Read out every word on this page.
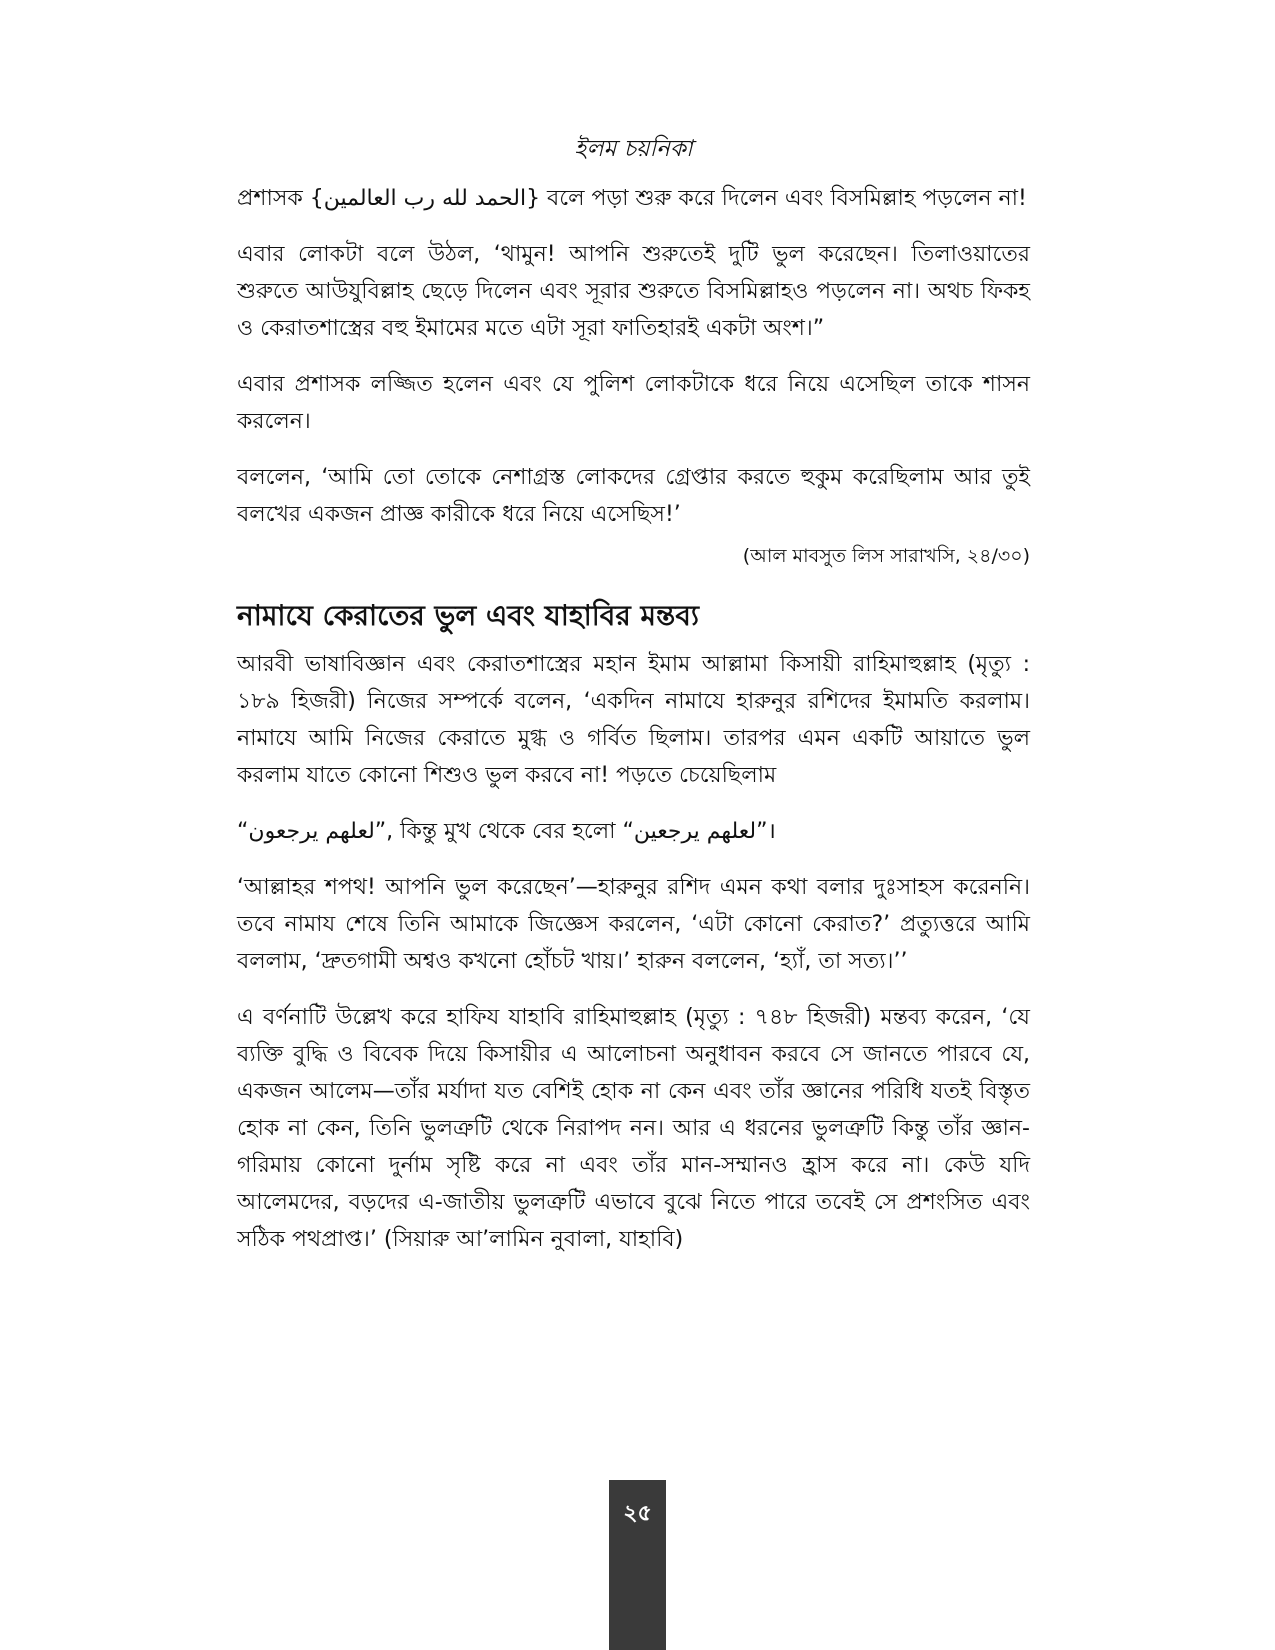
ইলম চয়নিকা

প্রশাসক {الحمد لله رب العالمين} বলে পড়া শুরু করে দিলেন এবং বিসমিল্লাহ পড়লেন না!

এবার লোকটা বলে উঠল, ‘থামুন! আপনি শুরুতেই দুটি ভুল করেছেন। তিলাওয়াতের শুরুতে আউযুবিল্লাহ ছেড়ে দিলেন এবং সূরার শুরুতে বিসমিল্লাহও পড়লেন না। অথচ ফিকহ ও কেরাতশাস্ত্রের বহু ইমামের মতে এটা সূরা ফাতিহারই একটা অংশ।”

এবার প্রশাসক লজ্জিত হলেন এবং যে পুলিশ লোকটাকে ধরে নিয়ে এসেছিল তাকে শাসন করলেন।

বললেন, ‘আমি তো তোকে নেশাগ্রস্ত লোকদের গ্রেপ্তার করতে হুকুম করেছিলাম আর তুই বলখের একজন প্রাজ্ঞ কারীকে ধরে নিয়ে এসেছিস!’

(আল মাবসুত লিস সারাখসি, ২৪/৩০)

নামাযে কেরাতের ভুল এবং যাহাবির মন্তব্য

আরবী ভাষাবিজ্ঞান এবং কেরাতশাস্ত্রের মহান ইমাম আল্লামা কিসায়ী রাহিমাহুল্লাহ (মৃত্যু : ১৮৯ হিজরী) নিজের সম্পর্কে বলেন, ‘একদিন নামাযে হারুনুর রশিদের ইমামতি করলাম। নামাযে আমি নিজের কেরাতে মুগ্ধ ও গর্বিত ছিলাম। তারপর এমন একটি আয়াতে ভুল করলাম যাতে কোনো শিশুও ভুল করবে না! পড়তে চেয়েছিলাম

“لعلهم يرجعون”, কিন্তু মুখ থেকে বের হলো “لعلهم يرجعين”।

‘আল্লাহর শপথ! আপনি ভুল করেছেন’—হারুনুর রশিদ এমন কথা বলার দুঃসাহস করেননি। তবে নামায শেষে তিনি আমাকে জিজ্ঞেস করলেন, ‘এটা কোনো কেরাত?’ প্রত্যুত্তরে আমি বললাম, ‘দ্রুতগামী অশ্বও কখনো হোঁচট খায়।’ হারুন বললেন, ‘হ্যাঁ, তা সত্য।’’

এ বর্ণনাটি উল্লেখ করে হাফিয যাহাবি রাহিমাহুল্লাহ (মৃত্যু : ৭৪৮ হিজরী) মন্তব্য করেন, ‘যে ব্যক্তি বুদ্ধি ও বিবেক দিয়ে কিসায়ীর এ আলোচনা অনুধাবন করবে সে জানতে পারবে যে, একজন আলেম—তাঁর মর্যাদা যত বেশিই হোক না কেন এবং তাঁর জ্ঞানের পরিধি যতই বিস্তৃত হোক না কেন, তিনি ভুলত্রুটি থেকে নিরাপদ নন। আর এ ধরনের ভুলত্রুটি কিন্তু তাঁর জ্ঞান-গরিমায় কোনো দুর্নাম সৃষ্টি করে না এবং তাঁর মান-সম্মানও হ্রাস করে না। কেউ যদি আলেমদের, বড়দের এ-জাতীয় ভুলত্রুটি এভাবে বুঝে নিতে পারে তবেই সে প্রশংসিত এবং সঠিক পথপ্রাপ্ত।’ (সিয়ারু আ’লামিন নুবালা, যাহাবি)

২৫
